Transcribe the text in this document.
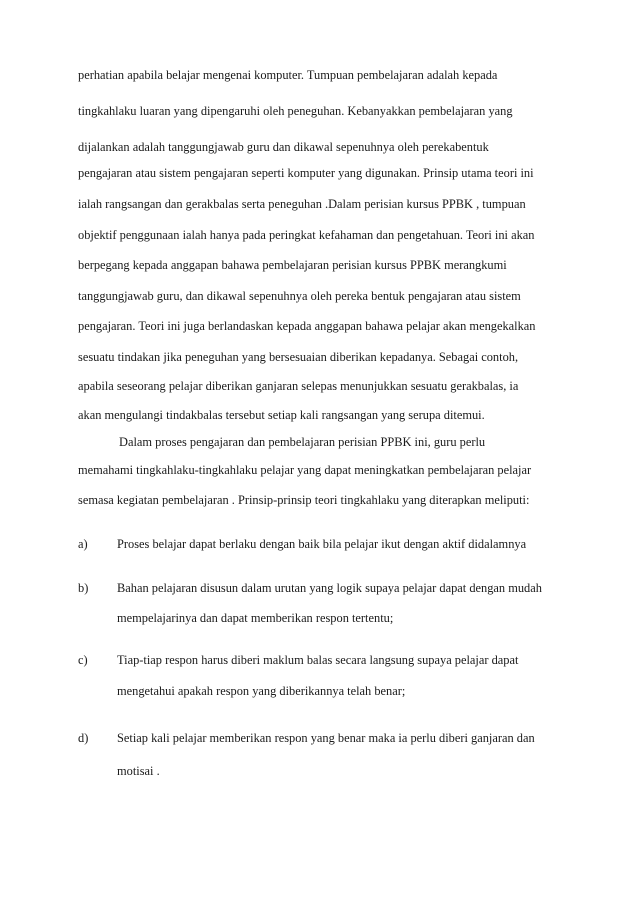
perhatian apabila belajar mengenai komputer. Tumpuan pembelajaran adalah kepada
tingkahlaku luaran yang dipengaruhi oleh peneguhan. Kebanyakkan pembelajaran yang
dijalankan adalah tanggungjawab guru dan dikawal sepenuhnya oleh perekabentuk
pengajaran atau sistem pengajaran seperti komputer yang digunakan. Prinsip utama teori ini
ialah rangsangan dan gerakbalas serta peneguhan .Dalam perisian kursus PPBK , tumpuan
objektif penggunaan ialah hanya pada peringkat kefahaman dan pengetahuan. Teori ini akan
berpegang kepada anggapan bahawa pembelajaran perisian kursus PPBK merangkumi
tanggungjawab guru, dan dikawal sepenuhnya oleh pereka bentuk pengajaran atau sistem
pengajaran. Teori ini juga berlandaskan kepada anggapan bahawa pelajar akan mengekalkan
sesuatu tindakan jika peneguhan yang bersesuaian diberikan kepadanya. Sebagai contoh,
apabila seseorang pelajar diberikan ganjaran selepas menunjukkan sesuatu gerakbalas, ia
akan mengulangi tindakbalas tersebut setiap kali rangsangan yang serupa ditemui.
Dalam proses pengajaran dan pembelajaran perisian PPBK ini, guru perlu
memahami tingkahlaku-tingkahlaku pelajar yang dapat meningkatkan pembelajaran pelajar
semasa kegiatan pembelajaran . Prinsip-prinsip teori tingkahlaku yang diterapkan meliputi:
a) Proses belajar dapat berlaku dengan baik bila pelajar ikut dengan aktif didalamnya
b) Bahan pelajaran disusun dalam urutan yang logik supaya pelajar dapat dengan mudah
mempelajarinya dan dapat memberikan respon tertentu;
c) Tiap-tiap respon harus diberi maklum balas secara langsung supaya pelajar dapat
mengetahui apakah respon yang diberikannya telah benar;
d) Setiap kali pelajar memberikan respon yang benar maka ia perlu diberi ganjaran dan
motisai .
